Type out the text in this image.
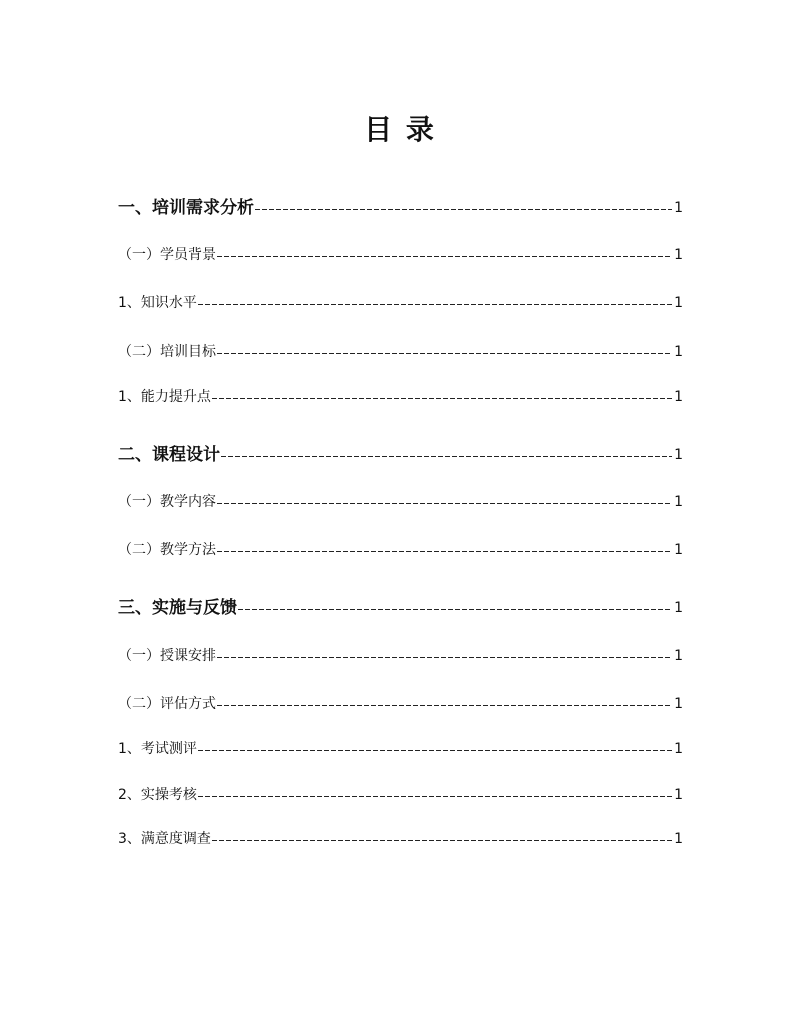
目 录
一、培训需求分析	1
（一）学员背景	1
1、知识水平	1
（二）培训目标	1
1、能力提升点	1
二、课程设计	1
（一）教学内容	1
（二）教学方法	1
三、实施与反馈	1
（一）授课安排	1
（二）评估方式	1
1、考试测评	1
2、实操考核	1
3、满意度调查	1
